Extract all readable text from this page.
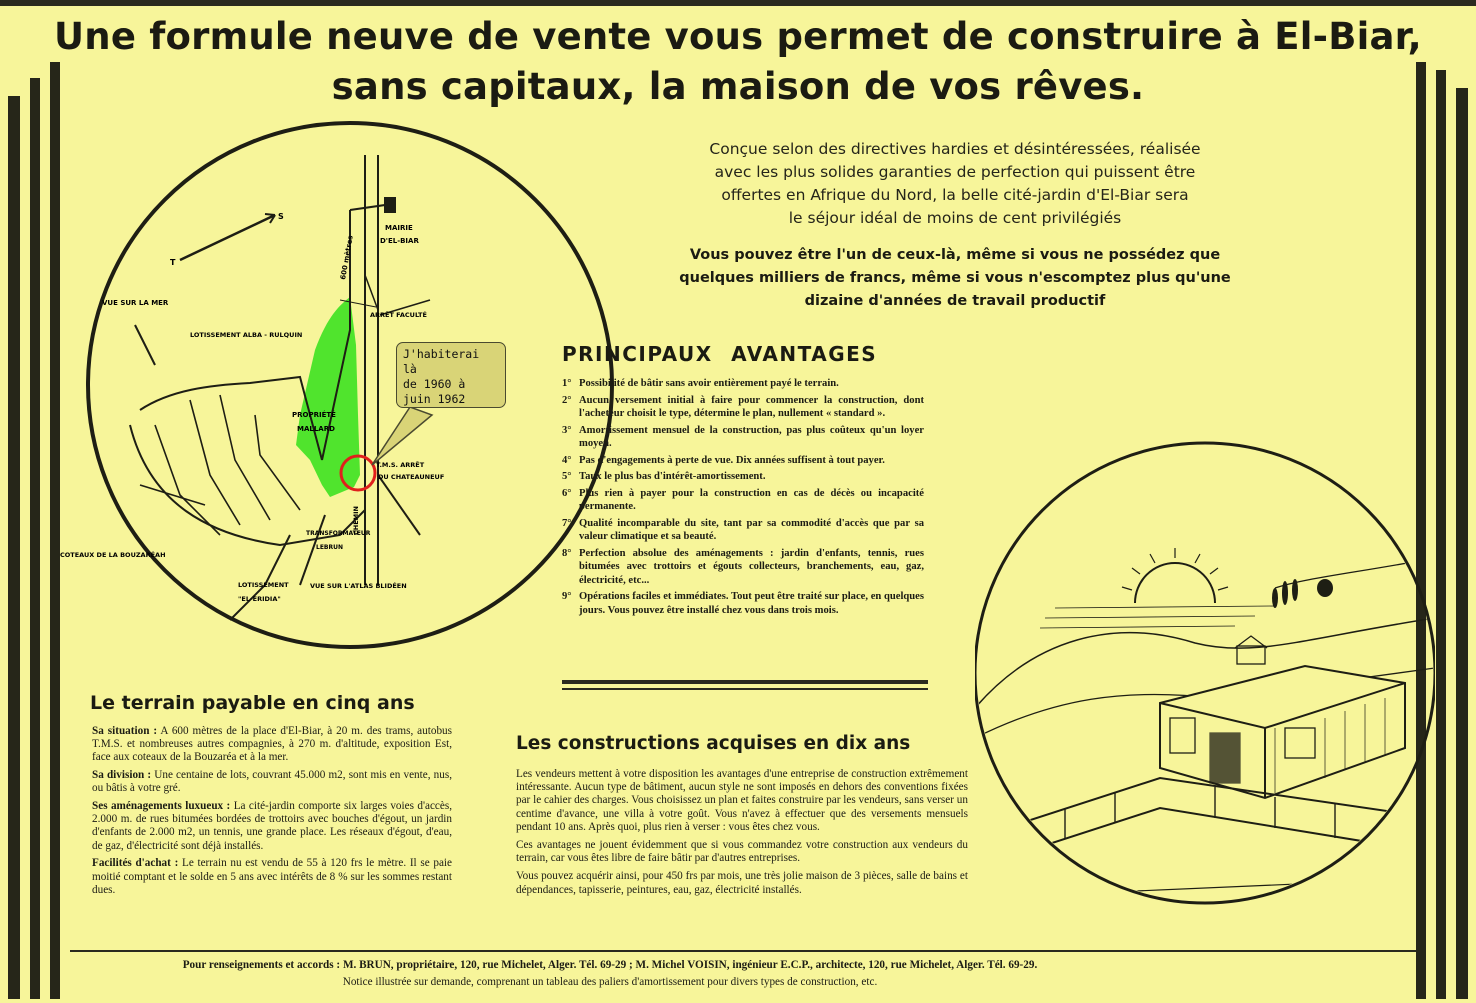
Une formule neuve de vente vous permet de construire à El-Biar,
sans capitaux, la maison de vos rêves.
Conçue selon des directives hardies et désintéressées, réalisée
avec les plus solides garanties de perfection qui puissent être
offertes en Afrique du Nord, la belle cité-jardin d'El-Biar sera
le séjour idéal de moins de cent privilégiés
Vous pouvez être l'un de ceux-là, même si vous ne possédez que
quelques milliers de francs, même si vous n'escomptez plus qu'une
dizaine d'années de travail productif
MAIRIE
D'EL-BIAR
600 mètres
VUE SUR LA MER
LOTISSEMENT ALBA - RULQUIN
ARRÊT FACULTÉ
PROPRIÉTÉ
MALLARD
T.M.S. ARRÊT
DU CHATEAUNEUF
CHEMIN
COTEAUX DE LA BOUZARÉAH
TRANSFORMATEUR
LEBRUN
LOTISSEMENT
"EL-ERIDIA"
VUE SUR L'ATLAS BLIDÉEN
S
T
J'habiterai là
de 1960 à
juin 1962
PRINCIPAUX AVANTAGES
1° Possibilité de bâtir sans avoir entièrement payé le terrain.
2° Aucun versement initial à faire pour commencer la construction, dont l'acheteur choisit le type, détermine le plan, nullement « standard ».
3° Amortissement mensuel de la construction, pas plus coûteux qu'un loyer moyen.
4° Pas d'engagements à perte de vue. Dix années suffisent à tout payer.
5° Taux le plus bas d'intérêt-amortissement.
6° Plus rien à payer pour la construction en cas de décès ou incapacité permanente.
7° Qualité incomparable du site, tant par sa commodité d'accès que par sa valeur climatique et sa beauté.
8° Perfection absolue des aménagements : jardin d'enfants, tennis, rues bitumées avec trottoirs et égouts collecteurs, branchements, eau, gaz, électricité, etc...
9° Opérations faciles et immédiates. Tout peut être traité sur place, en quelques jours. Vous pouvez être installé chez vous dans trois mois.
Le terrain payable en cinq ans

Sa situation : A 600 mètres de la place d'El-Biar, à 20 m. des trams, autobus T.M.S. et nombreuses autres compagnies, à 270 m. d'altitude, exposition Est, face aux coteaux de la Bouzaréa et à la mer.

Sa division : Une centaine de lots, couvrant 45.000 m2, sont mis en vente, nus, ou bâtis à votre gré.

Ses aménagements luxueux : La cité-jardin comporte six larges voies d'accès, 2.000 m. de rues bitumées bordées de trottoirs avec bouches d'égout, un jardin d'enfants de 2.000 m2, un tennis, une grande place. Les réseaux d'égout, d'eau, de gaz, d'électricité sont déjà installés.

Facilités d'achat : Le terrain nu est vendu de 55 à 120 frs le mètre. Il se paie moitié comptant et le solde en 5 ans avec intérêts de 8 % sur les sommes restant dues.

Les constructions acquises en dix ans

Les vendeurs mettent à votre disposition les avantages d'une entreprise de construction extrêmement intéressante. Aucun type de bâtiment, aucun style ne sont imposés en dehors des conventions fixées par le cahier des charges. Vous choisissez un plan et faites construire par les vendeurs, sans verser un centime d'avance, une villa à votre goût. Vous n'avez à effectuer que des versements mensuels pendant 10 ans. Après quoi, plus rien à verser : vous êtes chez vous.

Ces avantages ne jouent évidemment que si vous commandez votre construction aux vendeurs du terrain, car vous êtes libre de faire bâtir par d'autres entreprises.

Vous pouvez acquérir ainsi, pour 450 frs par mois, une très jolie maison de 3 pièces, salle de bains et dépendances, tapisserie, peintures, eau, gaz, électricité installés.

Pour renseignements et accords : M. BRUN, propriétaire, 120, rue Michelet, Alger. Tél. 69-29 ; M. Michel VOISIN, ingénieur E.C.P., architecte, 120, rue Michelet, Alger. Tél. 69-29.
Notice illustrée sur demande, comprenant un tableau des paliers d'amortissement pour divers types de construction, etc.
